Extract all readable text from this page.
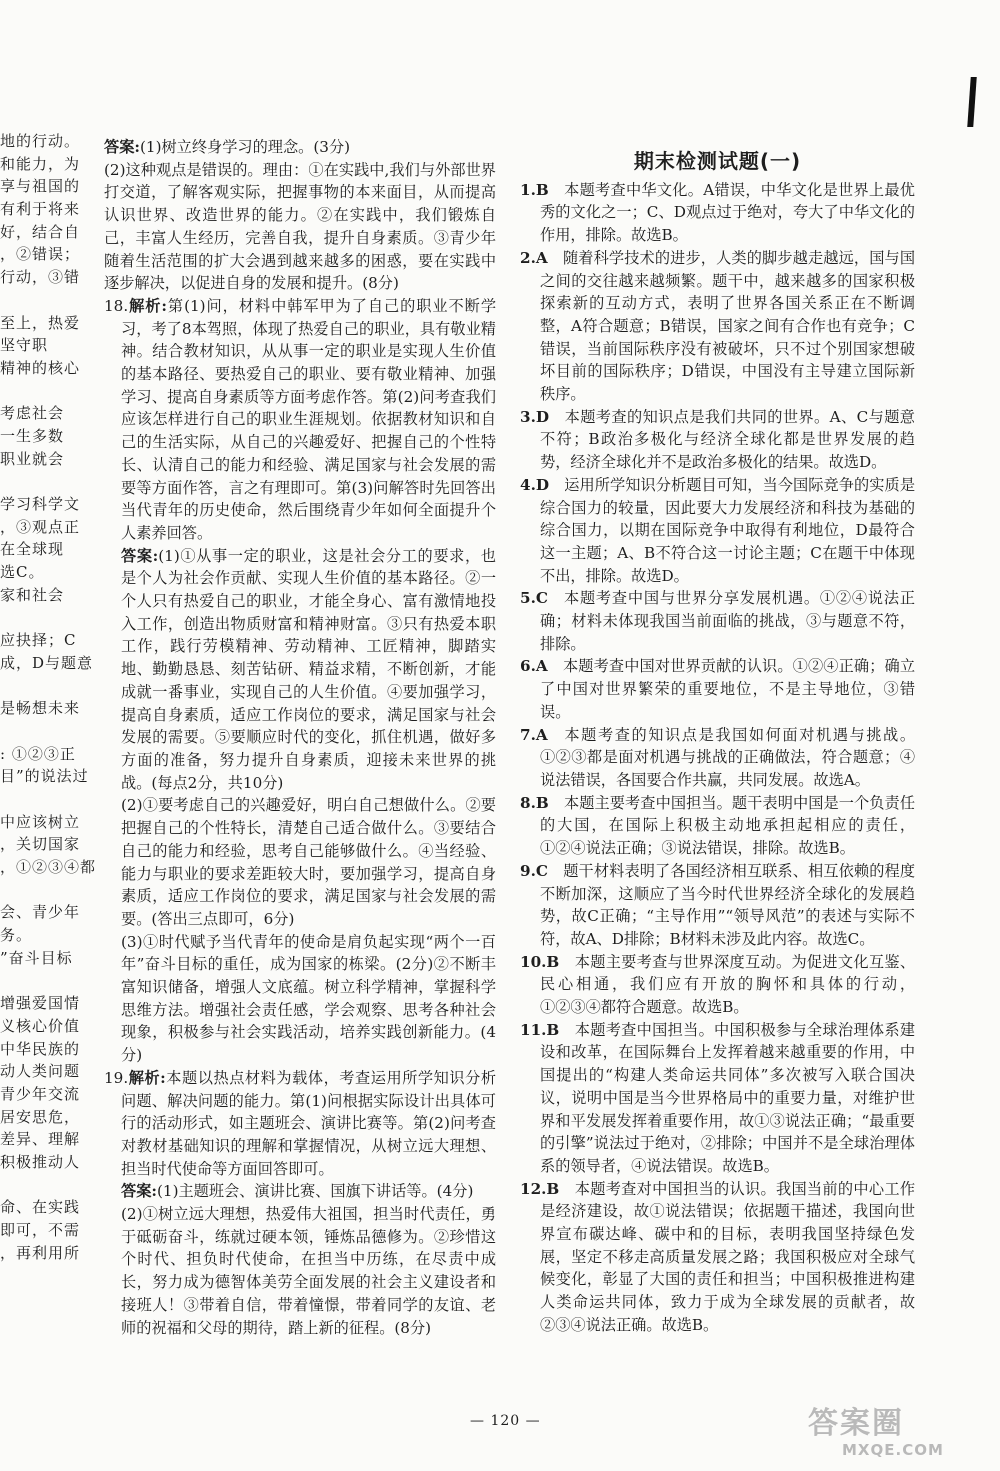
地的行动。
和能力，为
享与祖国的
有利于将来
好，结合自
，②错误；
行动，③错
至上，热爱
坚守职
精神的核心
考虑社会
一生多数
职业就会
学习科学文
，③观点正
在全球现
选C。
家和社会
应抉择；C
成，D与题意
是畅想未来
: ①②③正
目”的说法过
中应该树立
，关切国家
，①②③④都
会、青少年
务。
”奋斗目标
增强爱国情
义核心价值
中华民族的
动人类问题
青少年交流
居安思危，
差异、理解
积极推动人
命、在实践
即可，不需
，再利用所
答案:(1)树立终身学习的理念。(3分)
(2)这种观点是错误的。理由：①在实践中,我们与外部世界打交道，了解客观实际，把握事物的本来面目，从而提高认识世界、改造世界的能力。②在实践中，我们锻炼自己，丰富人生经历，完善自我，提升自身素质。③青少年随着生活范围的扩大会遇到越来越多的困惑，要在实践中逐步解决，以促进自身的发展和提升。(8分)
18.解析:第(1)问，材料中韩军甲为了自己的职业不断学习，考了8本驾照，体现了热爱自己的职业，具有敬业精神。结合教材知识，从从事一定的职业是实现人生价值的基本路径、要热爱自己的职业、要有敬业精神、加强学习、提高自身素质等方面考虑作答。第(2)问考查我们应该怎样进行自己的职业生涯规划。依据教材知识和自己的生活实际，从自己的兴趣爱好、把握自己的个性特长、认清自己的能力和经验、满足国家与社会发展的需要等方面作答，言之有理即可。第(3)问解答时先回答出当代青年的历史使命，然后围绕青少年如何全面提升个人素养回答。
答案:(1)①从事一定的职业，这是社会分工的要求，也是个人为社会作贡献、实现人生价值的基本路径。②一个人只有热爱自己的职业，才能全身心、富有激情地投入工作，创造出物质财富和精神财富。③只有热爱本职工作，践行劳模精神、劳动精神、工匠精神，脚踏实地、勤勤恳恳、刻苦钻研、精益求精，不断创新，才能成就一番事业，实现自己的人生价值。④要加强学习，提高自身素质，适应工作岗位的要求，满足国家与社会发展的需要。⑤要顺应时代的变化，抓住机遇，做好多方面的准备，努力提升自身素质，迎接未来世界的挑战。(每点2分，共10分)
(2)①要考虑自己的兴趣爱好，明白自己想做什么。②要把握自己的个性特长，清楚自己适合做什么。③要结合自己的能力和经验，思考自己能够做什么。④当经验、能力与职业的要求差距较大时，要加强学习，提高自身素质，适应工作岗位的要求，满足国家与社会发展的需要。(答出三点即可，6分)
(3)①时代赋予当代青年的使命是肩负起实现“两个一百年”奋斗目标的重任，成为国家的栋梁。(2分)②不断丰富知识储备，增强人文底蕴。树立科学精神，掌握科学思维方法。增强社会责任感，学会观察、思考各种社会现象，积极参与社会实践活动，培养实践创新能力。(4分)
19.解析:本题以热点材料为载体，考查运用所学知识分析问题、解决问题的能力。第(1)问根据实际设计出具体可行的活动形式，如主题班会、演讲比赛等。第(2)问考查对教材基础知识的理解和掌握情况，从树立远大理想、担当时代使命等方面回答即可。
答案:(1)主题班会、演讲比赛、国旗下讲话等。(4分)
(2)①树立远大理想，热爱伟大祖国，担当时代责任，勇于砥砺奋斗，练就过硬本领，锤炼品德修为。②珍惜这个时代、担负时代使命，在担当中历练，在尽责中成长，努力成为德智体美劳全面发展的社会主义建设者和接班人！③带着自信，带着憧憬，带着同学的友谊、老师的祝福和父母的期待，踏上新的征程。(8分)
期末检测试题(一)
1.B  本题考查中华文化。A错误，中华文化是世界上最优秀的文化之一；C、D观点过于绝对，夸大了中华文化的作用，排除。故选B。
2.A  随着科学技术的进步，人类的脚步越走越远，国与国之间的交往越来越频繁。题干中，越来越多的国家积极探索新的互动方式，表明了世界各国关系正在不断调整，A符合题意；B错误，国家之间有合作也有竞争；C错误，当前国际秩序没有被破坏，只不过个别国家想破坏目前的国际秩序；D错误，中国没有主导建立国际新秩序。
3.D  本题考查的知识点是我们共同的世界。A、C与题意不符；B政治多极化与经济全球化都是世界发展的趋势，经济全球化并不是政治多极化的结果。故选D。
4.D  运用所学知识分析题目可知，当今国际竞争的实质是综合国力的较量，因此要大力发展经济和科技为基础的综合国力，以期在国际竞争中取得有利地位，D最符合这一主题；A、B不符合这一讨论主题；C在题干中体现不出，排除。故选D。
5.C  本题考查中国与世界分享发展机遇。①②④说法正确；材料未体现我国当前面临的挑战，③与题意不符，排除。
6.A  本题考查中国对世界贡献的认识。①②④正确；确立了中国对世界繁荣的重要地位，不是主导地位，③错误。
7.A  本题考查的知识点是我国如何面对机遇与挑战。①②③都是面对机遇与挑战的正确做法，符合题意；④说法错误，各国要合作共赢，共同发展。故选A。
8.B  本题主要考查中国担当。题干表明中国是一个负责任的大国，在国际上积极主动地承担起相应的责任，①②④说法正确；③说法错误，排除。故选B。
9.C  题干材料表明了各国经济相互联系、相互依赖的程度不断加深，这顺应了当今时代世界经济全球化的发展趋势，故C正确；“主导作用”“领导风范”的表述与实际不符，故A、D排除；B材料未涉及此内容。故选C。
10.B  本题主要考查与世界深度互动。为促进文化互鉴、民心相通，我们应有开放的胸怀和具体的行动，①②③④都符合题意。故选B。
11.B  本题考查中国担当。中国积极参与全球治理体系建设和改革，在国际舞台上发挥着越来越重要的作用，中国提出的“构建人类命运共同体”多次被写入联合国决议，说明中国是当今世界格局中的重要力量，对维护世界和平发展发挥着重要作用，故①③说法正确；“最重要的引擎”说法过于绝对，②排除；中国并不是全球治理体系的领导者，④说法错误。故选B。
12.B  本题考查对中国担当的认识。我国当前的中心工作是经济建设，故①说法错误；依据题干描述，我国向世界宣布碳达峰、碳中和的目标，表明我国坚持绿色发展，坚定不移走高质量发展之路；我国积极应对全球气候变化，彰显了大国的责任和担当；中国积极推进构建人类命运共同体，致力于成为全球发展的贡献者，故②③④说法正确。故选B。
— 120 —	答案圈
MXQE.COM
